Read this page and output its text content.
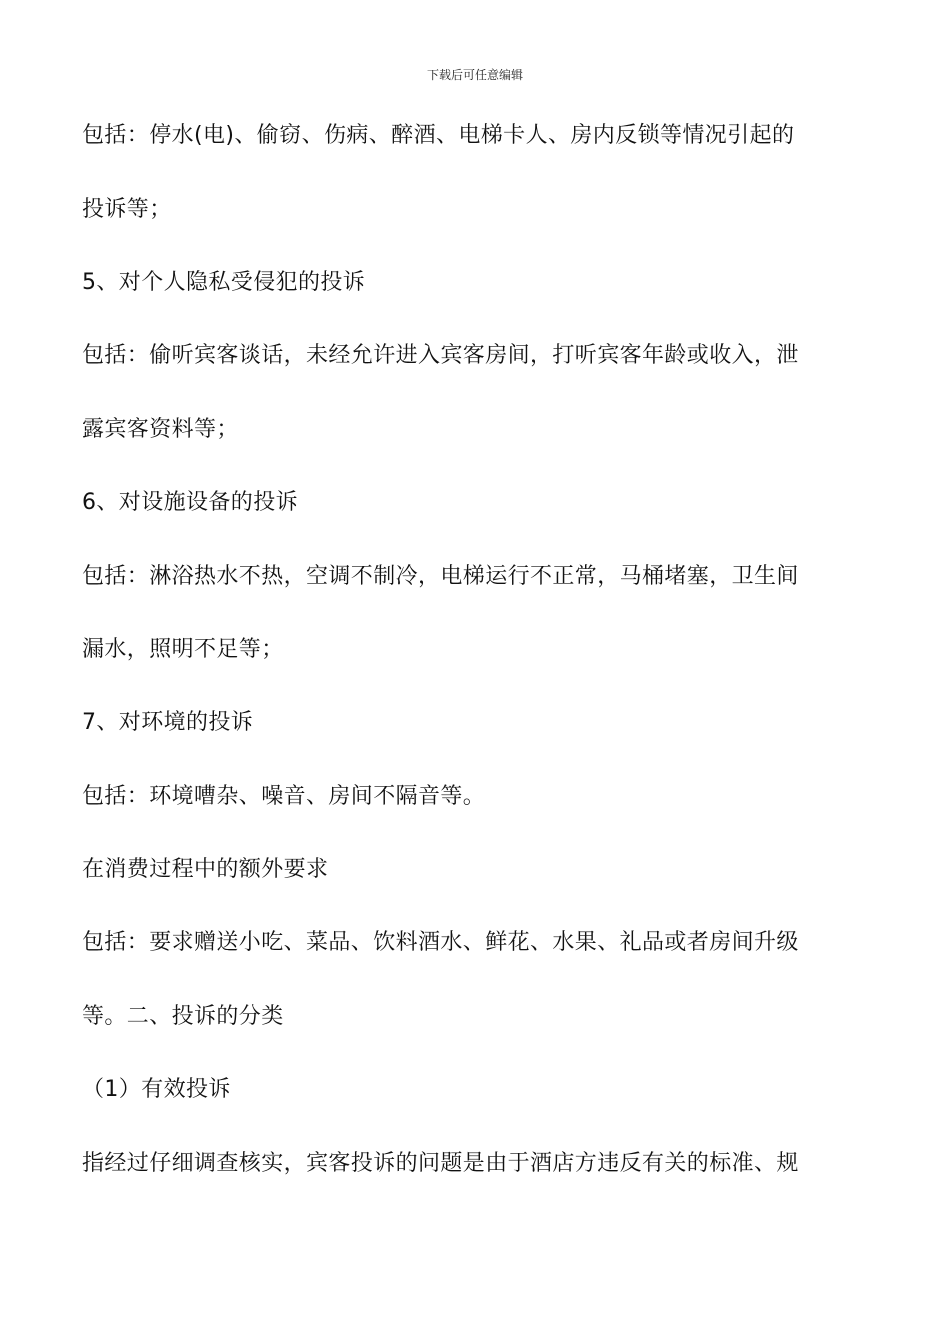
下载后可任意编辑
包括：停水(电)、偷窃、伤病、醉酒、电梯卡人、房内反锁等情况引起的
投诉等；
5、对个人隐私受侵犯的投诉
包括：偷听宾客谈话，未经允许进入宾客房间，打听宾客年龄或收入，泄
露宾客资料等；
6、对设施设备的投诉
包括：淋浴热水不热，空调不制冷，电梯运行不正常，马桶堵塞，卫生间
漏水，照明不足等；
7、对环境的投诉
包括：环境嘈杂、噪音、房间不隔音等。
在消费过程中的额外要求
包括：要求赠送小吃、菜品、饮料酒水、鲜花、水果、礼品或者房间升级
等。二、投诉的分类
（1）有效投诉
指经过仔细调查核实，宾客投诉的问题是由于酒店方违反有关的标准、规
